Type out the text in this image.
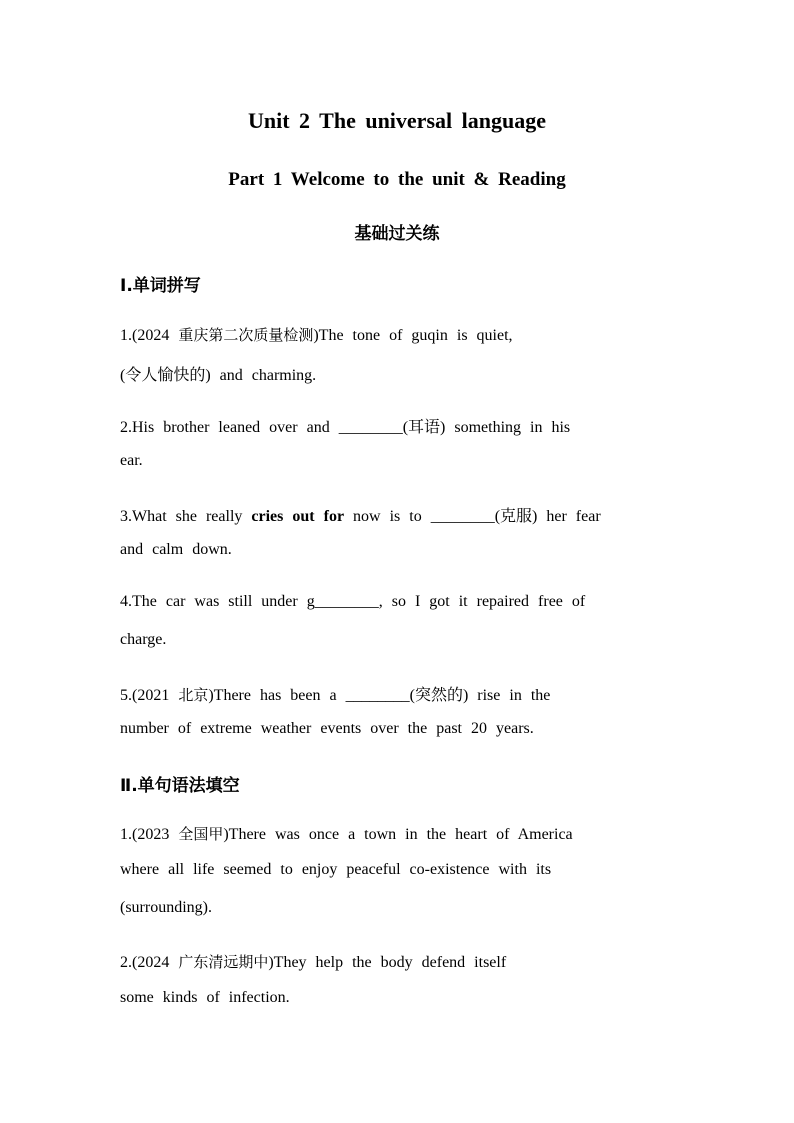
Unit 2 The universal language
Part 1 Welcome to the unit & Reading
基础过关练
Ⅰ.单词拼写
1.(2024 重庆第二次质量检测)The tone of guqin is quiet,
(令人愉快的) and charming.
2.His brother leaned over and ________(耳语) something in his
ear.
3.What she really cries out for now is to ________(克服) her fear
and calm down.
4.The car was still under g________, so I got it repaired free of
charge.
5.(2021 北京)There has been a ________(突然的) rise in the
number of extreme weather events over the past 20 years.
Ⅱ.单句语法填空
1.(2023 全国甲)There was once a town in the heart of America
where all life seemed to enjoy peaceful co-existence with its
(surrounding).
2.(2024 广东清远期中)They help the body defend itself
some kinds of infection.
